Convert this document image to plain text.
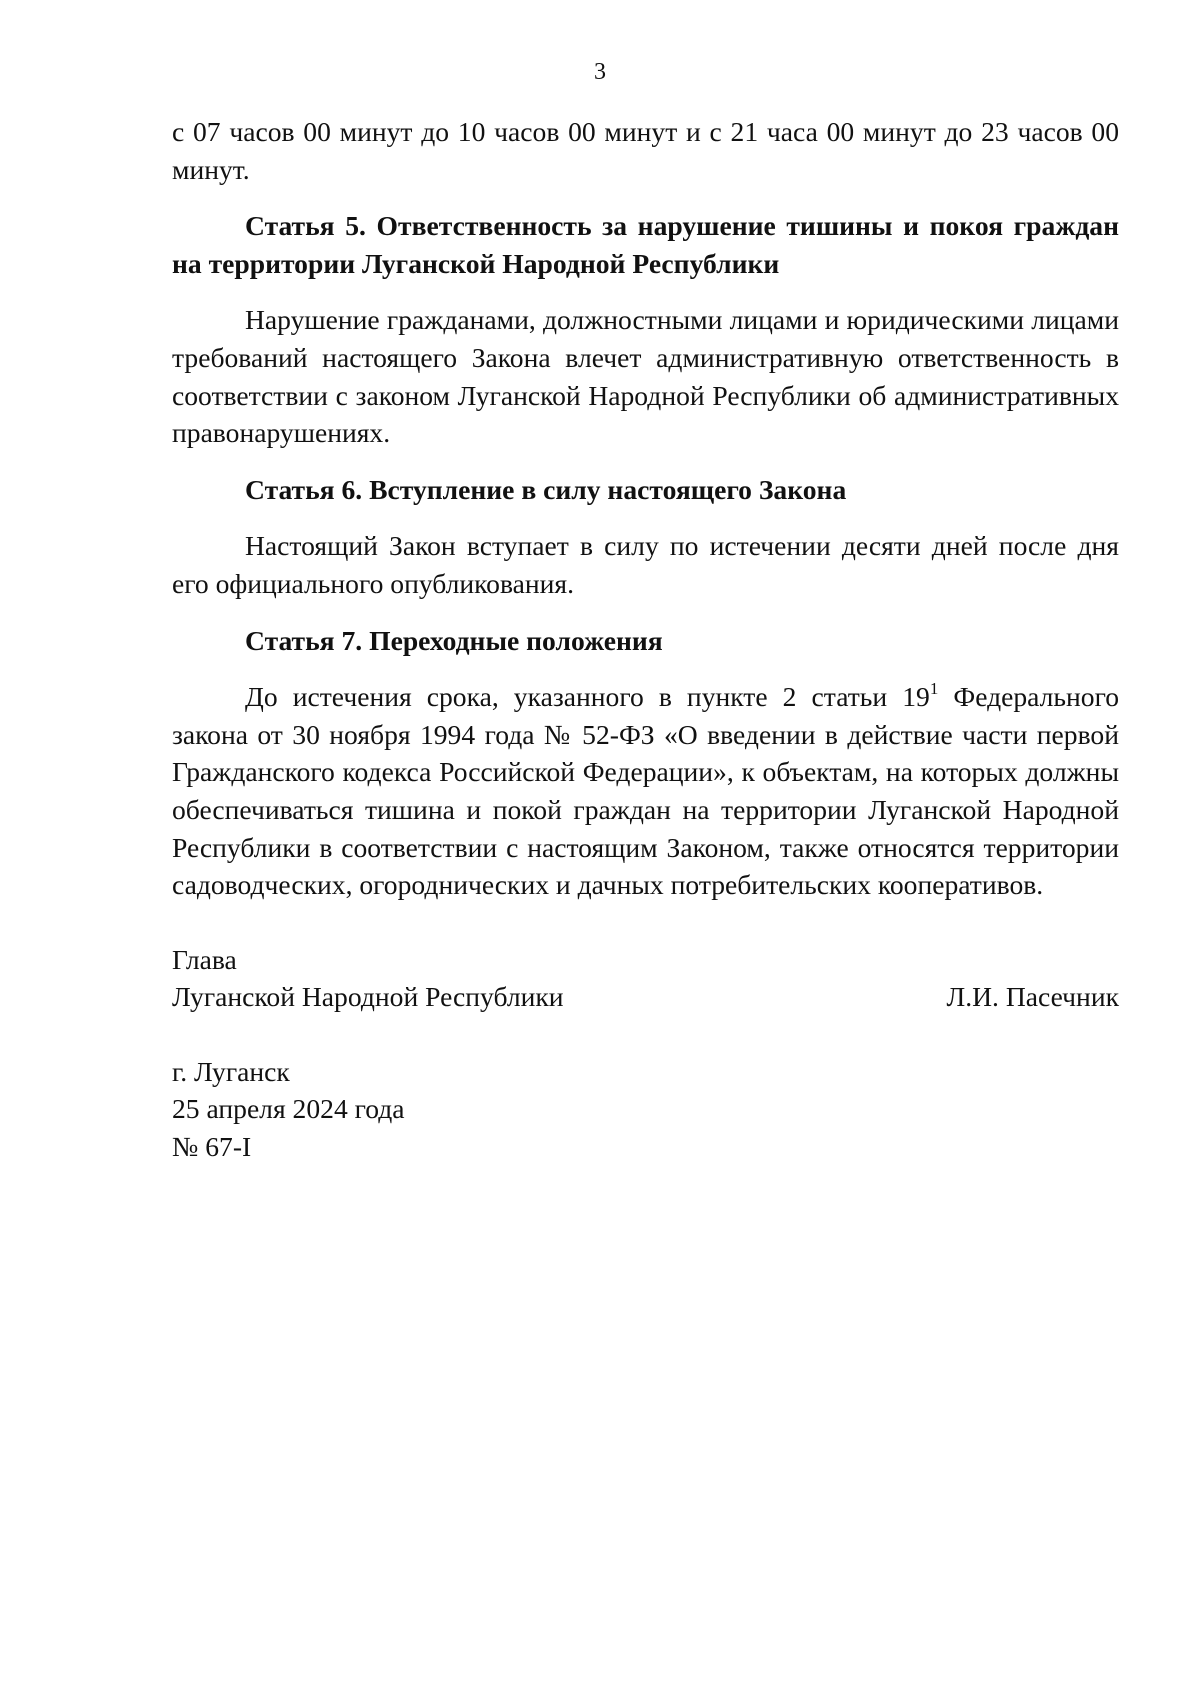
3

с 07 часов 00 минут до 10 часов 00 минут и с 21 часа 00 минут до 23 часов 00 минут.

Статья 5. Ответственность за нарушение тишины и покоя граждан на территории Луганской Народной Республики

Нарушение гражданами, должностными лицами и юридическими лицами требований настоящего Закона влечет административную ответственность в соответствии с законом Луганской Народной Республики об административных правонарушениях.

Статья 6. Вступление в силу настоящего Закона

Настоящий Закон вступает в силу по истечении десяти дней после дня его официального опубликования.

Статья 7. Переходные положения

До истечения срока, указанного в пункте 2 статьи $19^1$ Федерального закона от 30 ноября 1994 года № 52-ФЗ «О введении в действие части первой Гражданского кодекса Российской Федерации», к объектам, на которых должны обеспечиваться тишина и покой граждан на территории Луганской Народной Республики в соответствии с настоящим Законом, также относятся территории садоводческих, огороднических и дачных потребительских кооперативов.

Глава
Луганской Народной Республики	Л.И. Пасечник
г. Луганск
25 апреля 2024 года
№ 67-I
